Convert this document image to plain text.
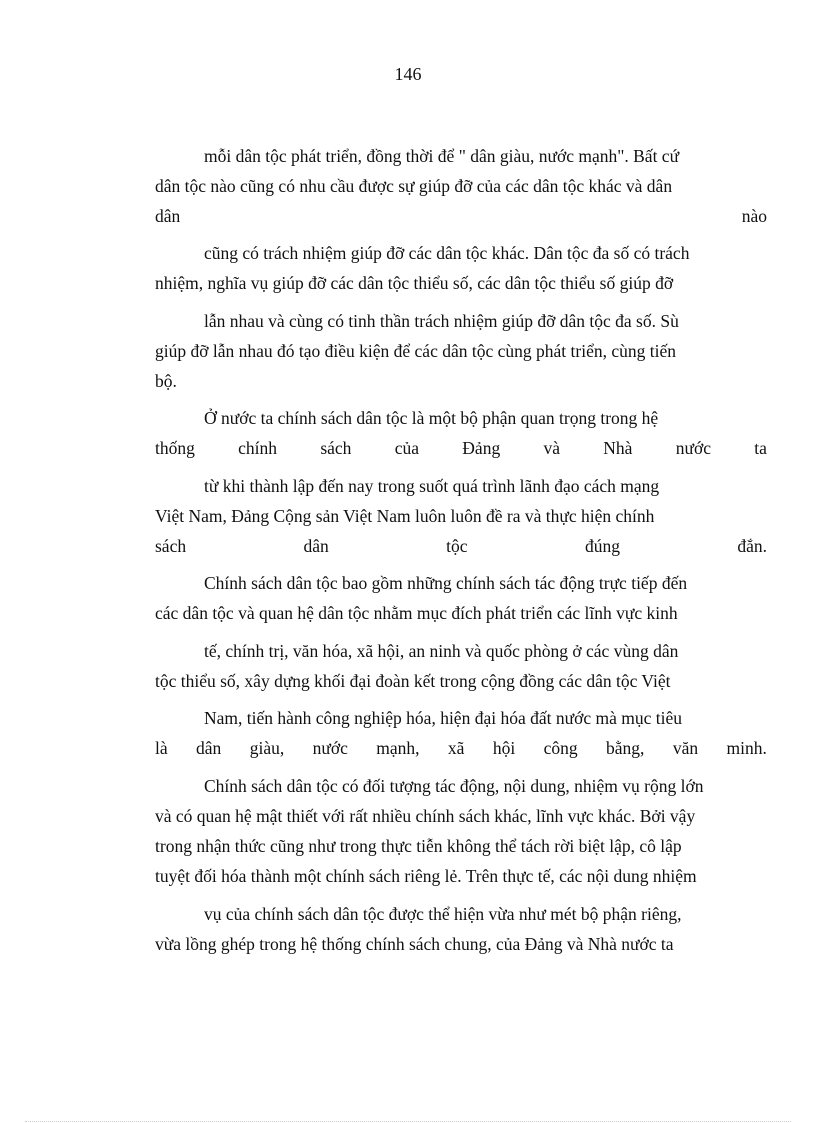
146
mỗi dân tộc phát triển, đồng thời để " dân giàu, nước mạnh". Bất cứ
dân tộc nào cũng có nhu cầu được sự giúp đỡ của các dân tộc khác và dân
dân	nào
cũng có trách nhiệm giúp đỡ các dân tộc khác. Dân tộc đa số có trách
nhiệm, nghĩa vụ giúp đỡ các dân tộc thiểu số, các dân tộc thiểu số giúp đỡ
lẫn nhau và cùng có tinh thần trách nhiệm giúp đỡ dân tộc đa số. Sù
giúp đỡ lẫn nhau đó tạo điều kiện để các dân tộc cùng phát triển, cùng tiến
bộ.
Ở nước ta chính sách dân tộc là một bộ phận quan trọng trong hệ
thống chính sách của Đảng và Nhà nước ta
từ khi thành lập đến nay trong suốt quá trình lãnh đạo cách mạng
Việt Nam, Đảng Cộng sản Việt Nam luôn luôn đề ra và thực hiện chính
sách	dân	tộc	đúng	đắn.
Chính sách dân tộc bao gồm những chính sách tác động trực tiếp đến
các dân tộc và quan hệ dân tộc nhằm mục đích phát triển các lĩnh vực kinh
tế, chính trị, văn hóa, xã hội, an ninh và quốc phòng ở các vùng dân
tộc thiểu số, xây dựng khối đại đoàn kết trong cộng đồng các dân tộc Việt
Nam, tiến hành công nghiệp hóa, hiện đại hóa đất nước mà mục tiêu
là dân giàu, nước mạnh, xã hội công bằng, văn minh.
Chính sách dân tộc có đối tượng tác động, nội dung, nhiệm vụ rộng lớn
và có quan hệ mật thiết với rất nhiều chính sách khác, lĩnh vực khác. Bởi vậy
trong nhận thức cũng như trong thực tiễn không thể tách rời biệt lập, cô lập
tuyệt đối hóa thành một chính sách riêng lẻ. Trên thực tế, các nội dung nhiệm
vụ của chính sách dân tộc được thể hiện vừa như mét bộ phận riêng,
vừa lồng ghép trong hệ thống chính sách chung, của Đảng và Nhà nước ta
